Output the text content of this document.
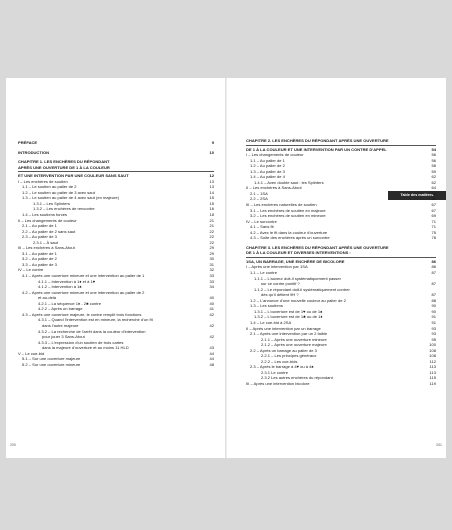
Table des matières
PRÉFACE	9
INTRODUCTION	10
CHAPITRE 1. LES ENCHÈRES DU RÉPONDANT
APRÈS UNE OUVERTURE DE 1 À LA COULEUR
ET UNE INTERVENTION PAR UNE COULEUR SANS SAUT	12
I – Les enchères de soutien	13
1.1 – Le soutien au palier de 2	13
1.2 – Le soutien au palier de 3 avec saut	14
1.3 – Le soutien au palier de 4 avec saut (en majeure)	15
1.3.1 – Les Splinters	15
1.3.2 – Les enchères de rencontre	16
1.4 – Les soutiens forcés	18
II – Les changements de couleur	21
2.1 – Au palier de 1	21
2.2 – Au palier de 2 sans saut	22
2.3 – Au palier de 3	22
2.3.1 – À saut	22
III – Les enchères à Sans-Atout	29
3.1 – Au palier de 1	29
3.2 – Au palier de 2	30
3.3 – Au palier de 3	31
IV – Le contre	32
4.1 – Après une ouverture mineure et une intervention au palier de 1	33
4.1.1 – Intervention à 1♦ et à 1♥	33
4.1.2 – Intervention à 1♠	34
4.2 – Après une ouverture mineure et une intervention au palier de 2
et au-delà	40
4.2.1 – La séquence 1♦ - 2♣ contre	40
4.2.2 – Après un barrage	41
4.3 – Après une ouverture majeure, le contre remplit trois fonctions	42
4.3.1 – Quand l'intervention est en mineure, la recherche d'un fit
dans l'autre majeure	42
4.3.2 – La recherche de l'arrêt dans la couleur d'intervention
pour jouer 3 Sans-Atout	42
4.3.3 – L'expression d'un soutien de trois cartes
dans la majeure d'ouverture et au moins 11 HLD	43
V – Le cue-bid	44
5.1 – Sur une ouverture majeure	44
5.2 – Sur une ouverture mineure	48
CHAPITRE 2. LES ENCHÈRES DU RÉPONDANT APRÈS UNE OUVERTURE
DE 1 À LA COULEUR ET UNE INTERVENTION PAR UN CONTRE D'APPEL	54
I – Les changements de couleur	56
1.1 – Au palier de 1	56
1.2 – Au palier de 2	58
1.3 – Au palier de 3	59
1.4 – Au palier de 4	62
1.4.1 – Avec double saut : les Splinters	62
II – Les enchères à Sans-Atout	64
2.1 – 1SA	64
2.2 – 2SA	65
III – Les enchères naturelles de soutien	67
3.1 – Les enchères de soutien en majeure	67
3.2 – Les enchères de soutien en mineure	69
IV – Le surcontre	71
4.1 – Sans fit	71
4.2 – Avec le fit dans la couleur d'ouverture	75
4.3 – Suite des enchères après un surcontre	78
CHAPITRE 3. LES ENCHÈRES DU RÉPONDANT APRÈS UNE OUVERTURE
DE 1 À LA COULEUR ET DIVERSES INTERVENTIONS :
1SA, UN BARRAGE, UNE ENCHÈRE DE BICOLORE	86
I – Après une intervention par 1SA	86
1.1 – Le contre	87
1.1.1 – L'auveur doit-il systématiquement passer
sur ce contre punitif ?	87
1.1.2 – Le répondant doit-il systématiquement contrer
dès qu'il détient 9H ?	87
1.2 – L'annonce d'une nouvelle couleur au palier de 2	88
1.3 – Les soutiens	90
1.3.1 – L'ouverture est de 1♥ ou de 1♠	90
1.3.2 – L'ouverture est de 1♣ ou de 1♦	91
1.4 – Le cue-bid à 2SA	91
II – Après une intervention par un barrage	93
2.1 – Après une intervention par un 2 faible	93
2.1.1 – Après une ouverture mineure	95
2.1.2 – Après une ouverture majeure	100
2.2 – Après un barrage au palier de 3	108
2.2.1 – Les principes généraux	108
2.2.2 – Les cue-bids	112
2.3 – Après le barrage à 4♥ ou à 4♠	113
2.3.1 Le contre	113
2.3.2 Les autres enchères du répondant	115
III – Après une intervention bicolore	119
200	201
